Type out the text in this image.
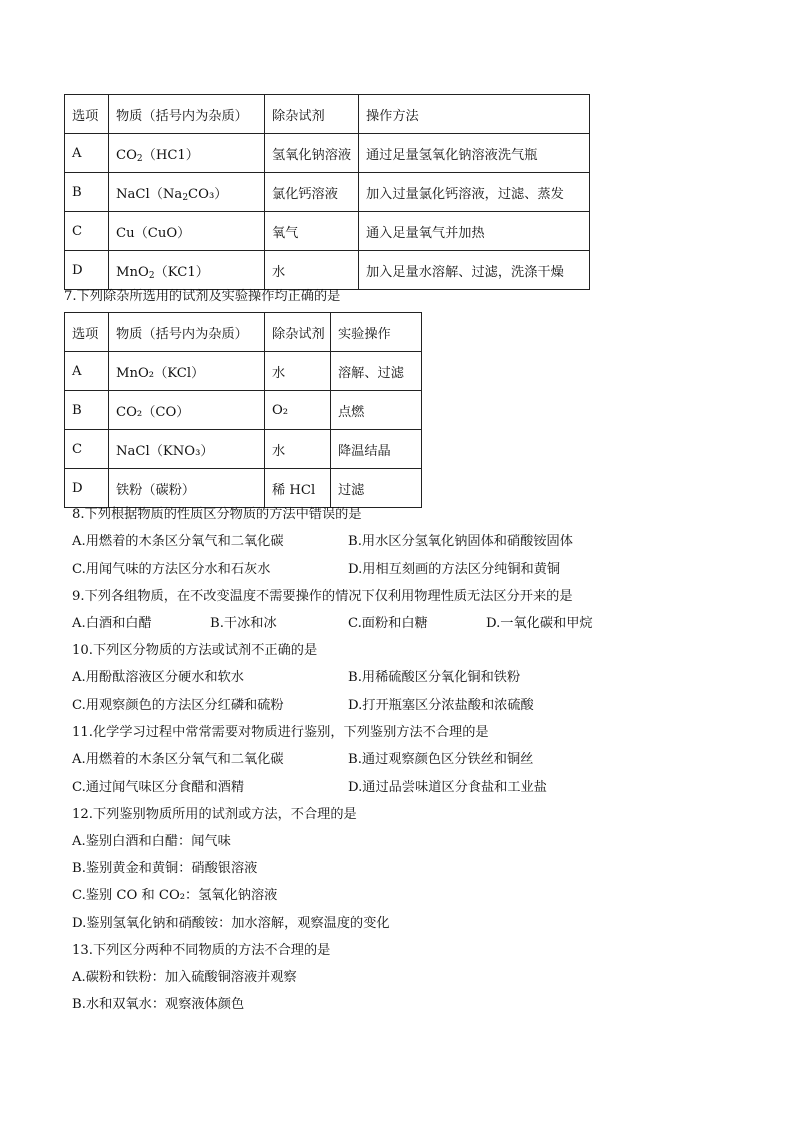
选项	物质（括号内为杂质）	除杂试剂	操作方法
A	$CO_2(HC1)$	氢氧化钠溶液	通过足量氢氧化钠溶液洗气瓶
B	$NaCl(Na_2CO_3)$	氯化钙溶液	加入过量氯化钙溶液，过滤、蒸发
C	Cu（CuO）	氧气	通入足量氧气并加热
D	MnO$_2$（KC1）	水	加入足量水溶解、过滤，洗涤干燥
7.下列除杂所选用的试剂及实验操作均正确的是
选项	物质（括号内为杂质）	除杂试剂	实验操作
A	MnO₂（KCl）	水	溶解、过滤
B	CO₂（CO）	O₂	点燃
C	NaCl（KNO₃）	水	降温结晶
D	铁粉（碳粉）	稀 HCl	过滤
8.下列根据物质的性质区分物质的方法中错误的是
A.用燃着的木条区分氧气和二氧化碳	B.用水区分氢氧化钠固体和硝酸铵固体
C.用闻气味的方法区分水和石灰水	D.用相互刻画的方法区分纯铜和黄铜
9.下列各组物质，在不改变温度不需要操作的情况下仅利用物理性质无法区分开来的是
A.白酒和白醋	B.干冰和冰	C.面粉和白糖	D.一氧化碳和甲烷
10.下列区分物质的方法或试剂不正确的是
A.用酚酞溶液区分硬水和软水	B.用稀硫酸区分氧化铜和铁粉
C.用观察颜色的方法区分红磷和硫粉	D.打开瓶塞区分浓盐酸和浓硫酸
11.化学学习过程中常常需要对物质进行鉴别，下列鉴别方法不合理的是
A.用燃着的木条区分氧气和二氧化碳	B.通过观察颜色区分铁丝和铜丝
C.通过闻气味区分食醋和酒精	D.通过品尝味道区分食盐和工业盐
12.下列鉴别物质所用的试剂或方法，不合理的是
A.鉴别白酒和白醋：闻气味
B.鉴别黄金和黄铜：硝酸银溶液
C.鉴别 CO 和 CO₂：氢氧化钠溶液
D.鉴别氢氧化钠和硝酸铵：加水溶解，观察温度的变化
13.下列区分两种不同物质的方法不合理的是
A.碳粉和铁粉：加入硫酸铜溶液并观察
B.水和双氧水：观察液体颜色
